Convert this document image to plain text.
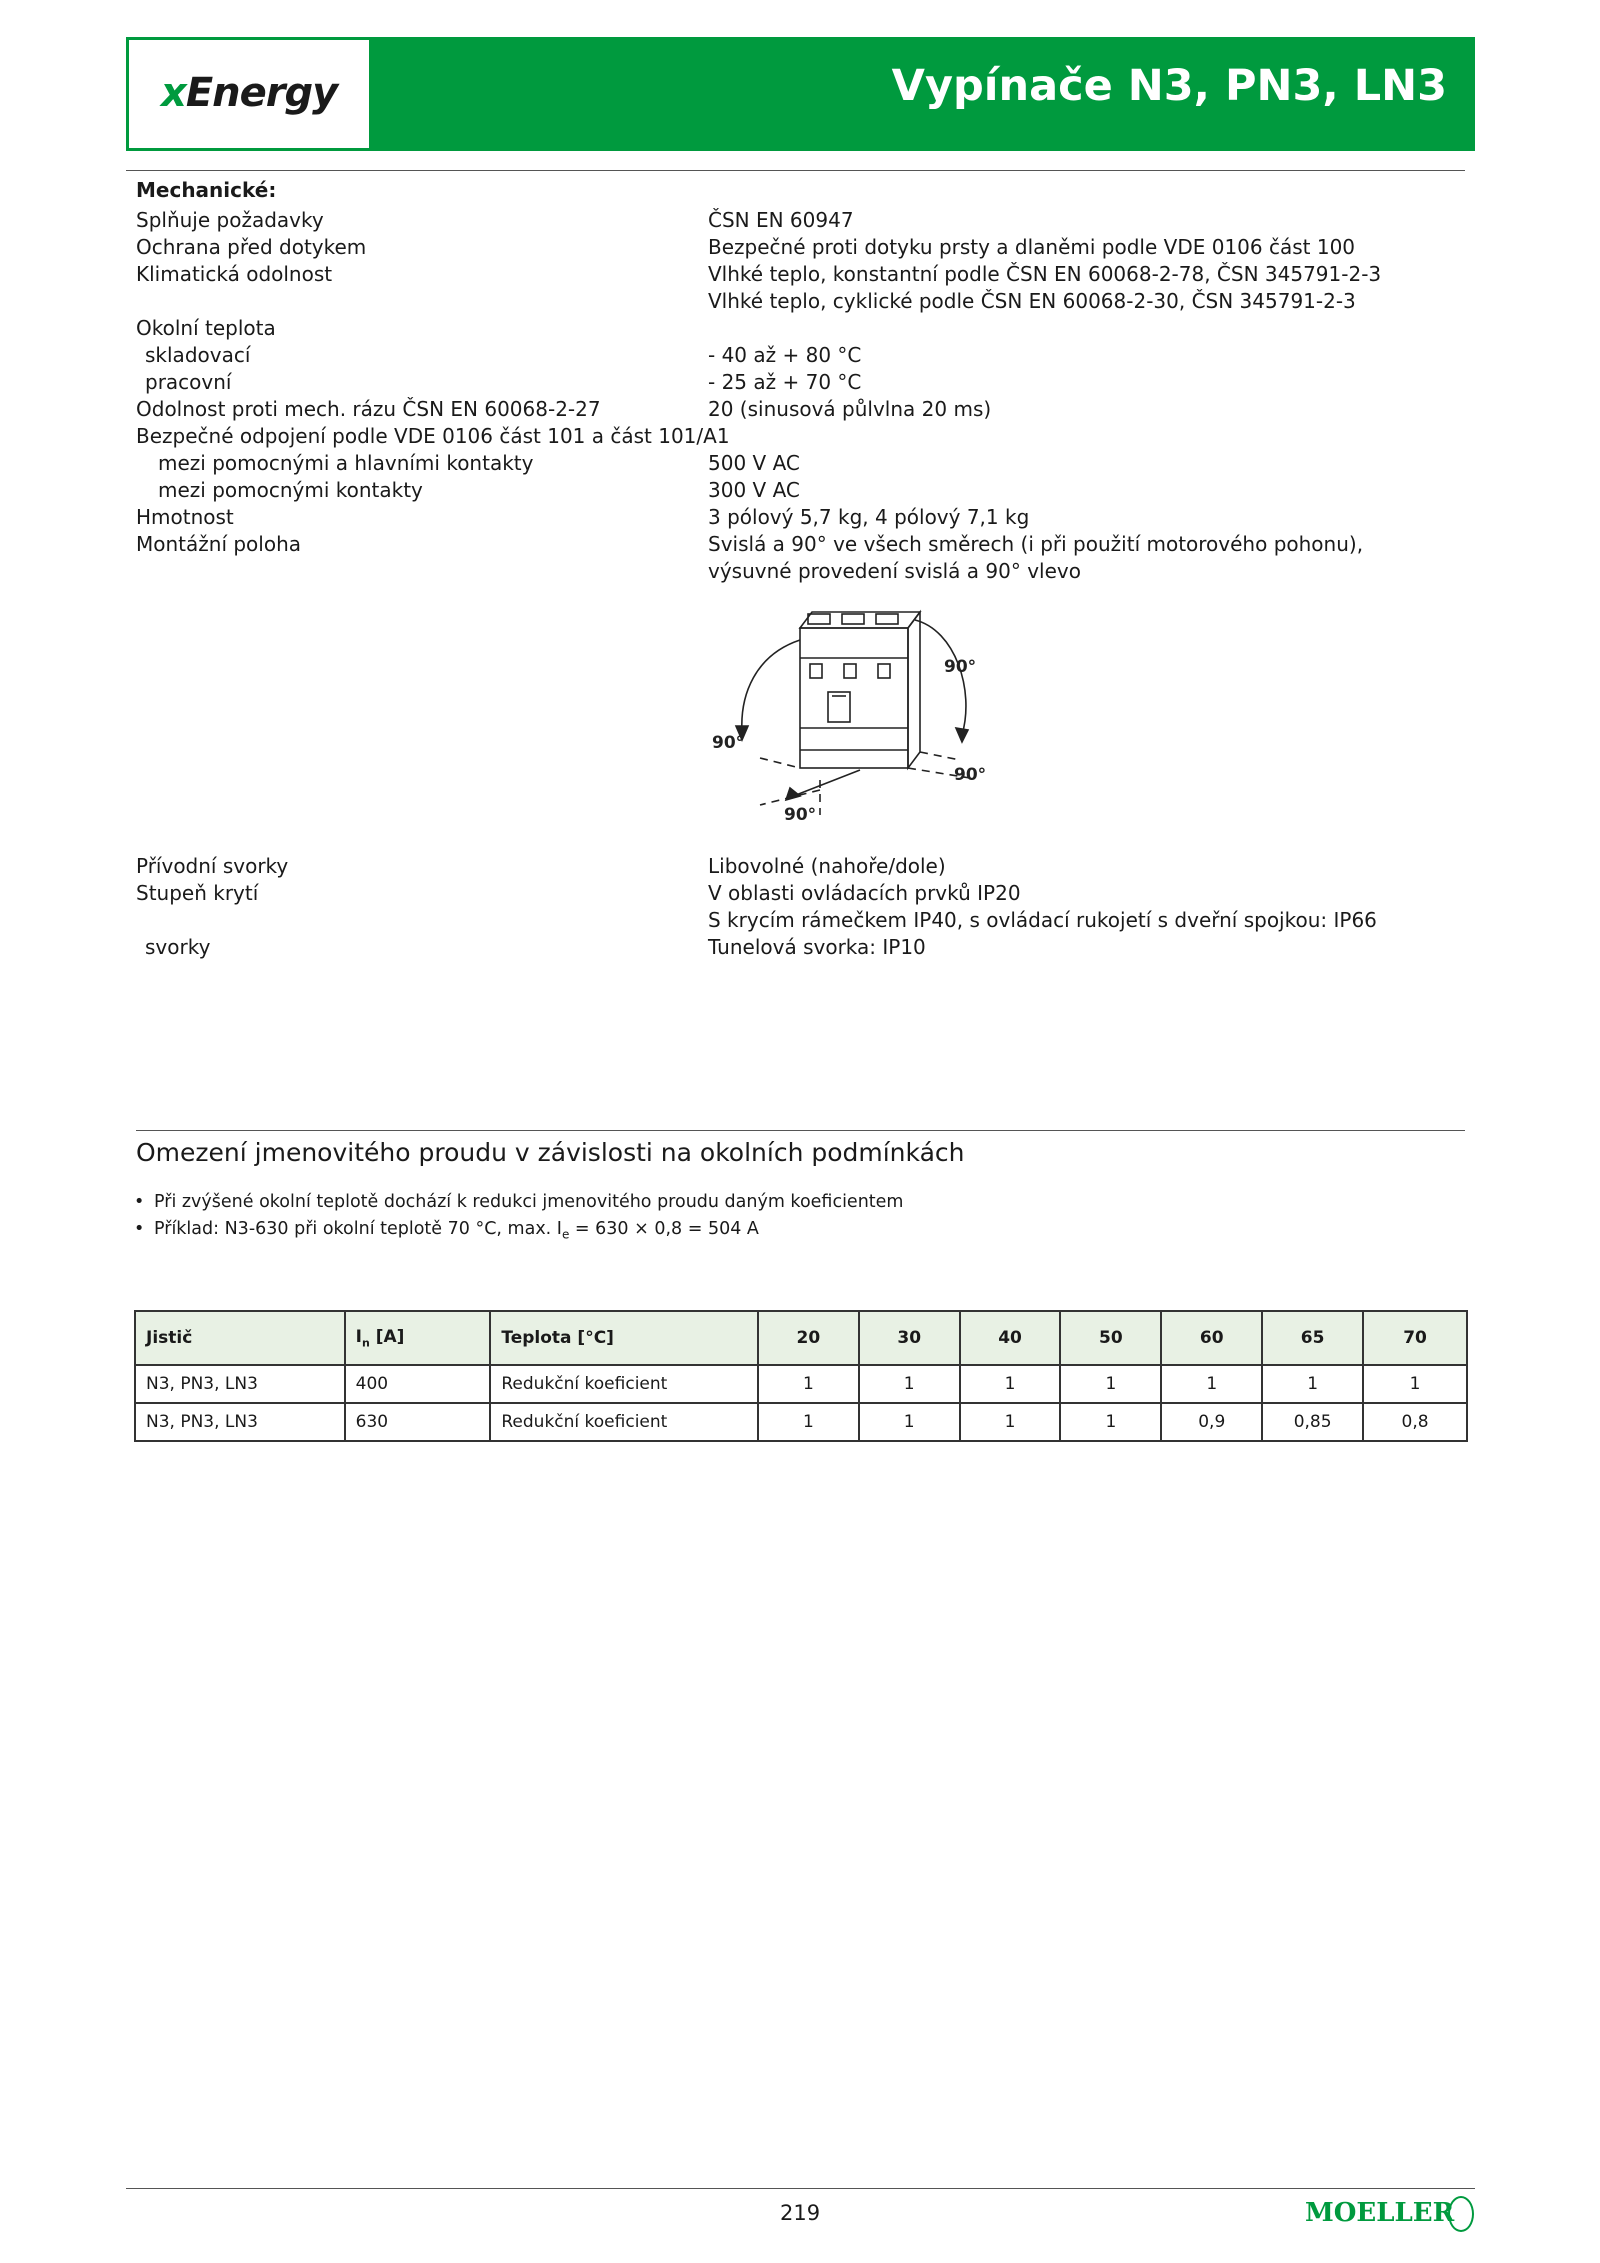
xEnergy	Vypínače N3, PN3, LN3
Mechanické:
Splňuje požadavky	ČSN EN 60947
Ochrana před dotykem	Bezpečné proti dotyku prsty a dlaněmi podle VDE 0106 část 100
Klimatická odolnost	Vlhké teplo, konstantní podle ČSN EN 60068-2-78, ČSN 345791-2-3
Vlhké teplo, cyklické podle ČSN EN 60068-2-30, ČSN 345791-2-3
Okolní teplota
skladovací	- 40 až + 80 °C
pracovní	- 25 až + 70 °C
Odolnost proti mech. rázu ČSN EN 60068-2-27	20 (sinusová půlvlna 20 ms)
Bezpečné odpojení podle VDE 0106 část 101 a část 101/A1
mezi pomocnými a hlavními kontakty	500 V AC
mezi pomocnými kontakty	300 V AC
Hmotnost	3 pólový 5,7 kg, 4 pólový 7,1 kg
Montážní poloha	Svislá a 90° ve všech směrech (i při použití motorového pohonu),
výsuvné provedení svislá a 90° vlevo
90°
90°
90°
90°
Přívodní svorky	Libovolné (nahoře/dole)
Stupeň krytí	V oblasti ovládacích prvků IP20
S krycím rámečkem IP40, s ovládací rukojetí s dveřní spojkou: IP66
svorky	Tunelová svorka: IP10
Omezení jmenovitého proudu v závislosti na okolních podmínkách
• Při zvýšené okolní teplotě dochází k redukci jmenovitého proudu daným koeficientem
• Příklad: N3-630 při okolní teplotě 70 °C, max. $I_e = 630 \times 0,8 = 504$ A
Jistič	$I_n$ [A]	Teplota [°C]	20	30	40	50	60	65	70
N3, PN3, LN3	400	Redukční koeficient	1	1	1	1	1	1	1
N3, PN3, LN3	630	Redukční koeficient	1	1	1	1	0,9	0,85	0,8
219	MOELLER
